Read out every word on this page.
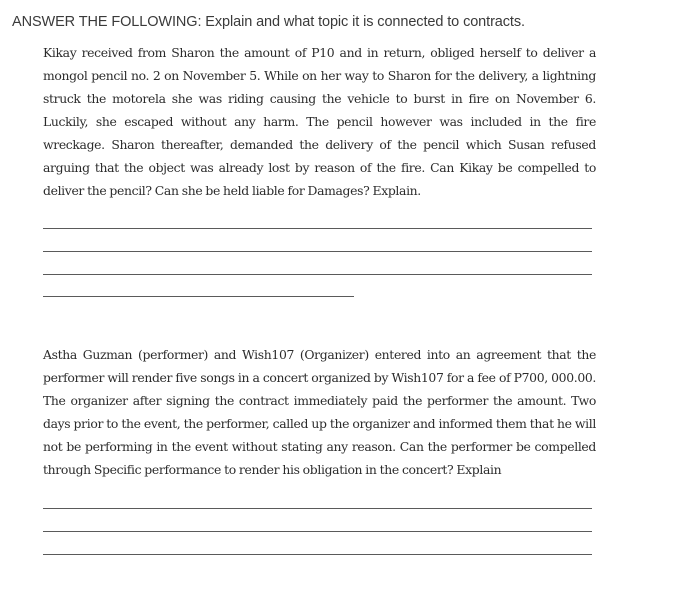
ANSWER THE FOLLOWING: Explain and what topic it is connected to contracts.

Kikay received from Sharon the amount of P10 and in return, obliged herself to deliver a mongol pencil no. 2 on November 5. While on her way to Sharon for the delivery, a lightning struck the motorela she was riding causing the vehicle to burst in fire on November 6. Luckily, she escaped without any harm. The pencil however was included in the fire wreckage. Sharon thereafter, demanded the delivery of the pencil which Susan refused arguing that the object was already lost by reason of the fire. Can Kikay be compelled to deliver the pencil? Can she be held liable for Damages? Explain.

Astha Guzman (performer) and Wish107 (Organizer) entered into an agreement that the performer will render five songs in a concert organized by Wish107 for a fee of P700, 000.00. The organizer after signing the contract immediately paid the performer the amount. Two days prior to the event, the performer, called up the organizer and informed them that he will not be performing in the event without stating any reason. Can the performer be compelled through Specific performance to render his obligation in the concert? Explain
